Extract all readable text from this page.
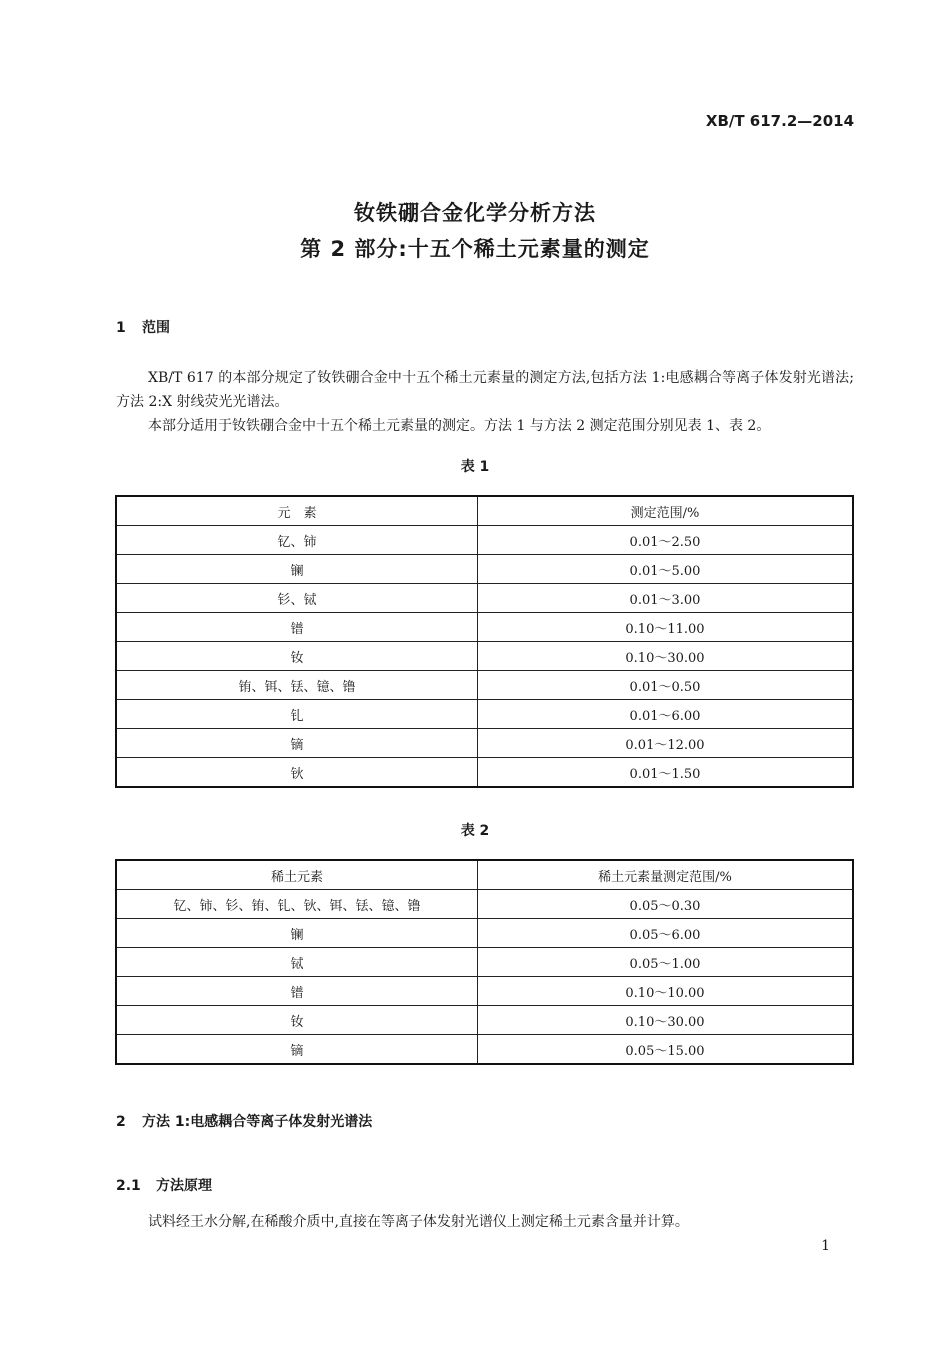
XB/T 617.2—2014
钕铁硼合金化学分析方法
第 2 部分:十五个稀土元素量的测定
1 范围
XB/T 617 的本部分规定了钕铁硼合金中十五个稀土元素量的测定方法,包括方法 1:电感耦合等离子体发射光谱法;方法 2:X 射线荧光光谱法。
本部分适用于钕铁硼合金中十五个稀土元素量的测定。方法 1 与方法 2 测定范围分别见表 1、表 2。
表 1
元　素	测定范围/%
钇、铈	0.01～2.50
镧	0.01～5.00
钐、铽	0.01～3.00
镨	0.10～11.00
钕	0.10～30.00
铕、铒、铥、镱、镥	0.01～0.50
钆	0.01～6.00
镝	0.01～12.00
钬	0.01～1.50
表 2
稀土元素	稀土元素量测定范围/%
钇、铈、钐、铕、钆、钬、铒、铥、镱、镥	0.05～0.30
镧	0.05～6.00
铽	0.05～1.00
镨	0.10～10.00
钕	0.10～30.00
镝	0.05～15.00
2 方法 1:电感耦合等离子体发射光谱法
2.1 方法原理
试料经王水分解,在稀酸介质中,直接在等离子体发射光谱仪上测定稀土元素含量并计算。
1
